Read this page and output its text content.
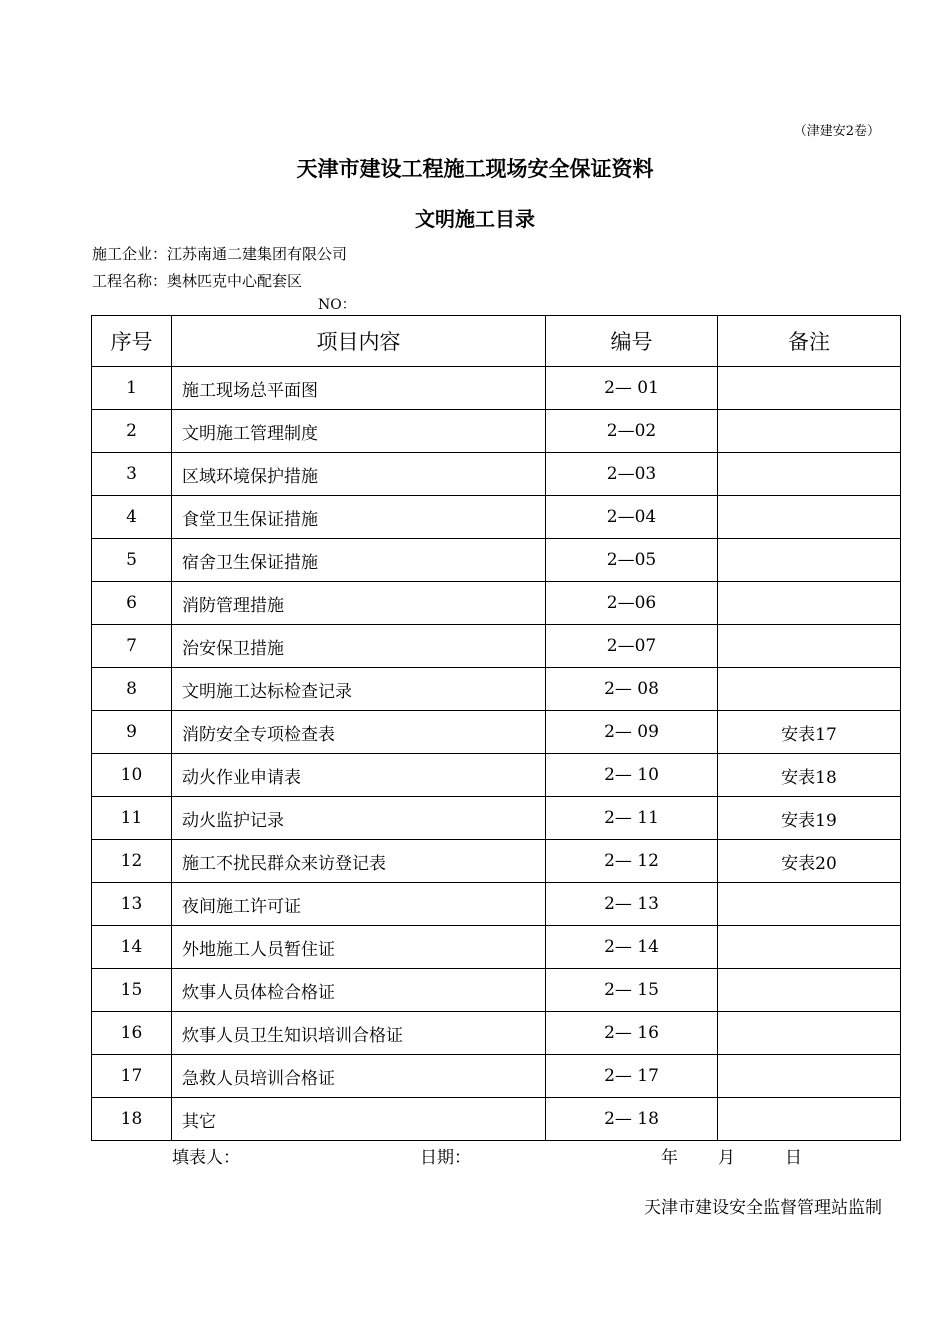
（津建安2卷）
天津市建设工程施工现场安全保证资料
文明施工目录
施工企业：江苏南通二建集团有限公司
工程名称：奥林匹克中心配套区
NO：
序号	项目内容	编号	备注
1	施工现场总平面图	2— 01	
2	文明施工管理制度	2—02	
3	区域环境保护措施	2—03	
4	食堂卫生保证措施	2—04	
5	宿舍卫生保证措施	2—05	
6	消防管理措施	2—06	
7	治安保卫措施	2—07	
8	文明施工达标检查记录	2— 08	
9	消防安全专项检查表	2— 09	安表17
10	动火作业申请表	2— 10	安表18
11	动火监护记录	2— 11	安表19
12	施工不扰民群众来访登记表	2— 12	安表20
13	夜间施工许可证	2— 13	
14	外地施工人员暂住证	2— 14	
15	炊事人员体检合格证	2— 15	
16	炊事人员卫生知识培训合格证	2— 16	
17	急救人员培训合格证	2— 17	
18	其它	2— 18	
填表人：	日期：	年 月	日
天津市建设安全监督管理站监制
